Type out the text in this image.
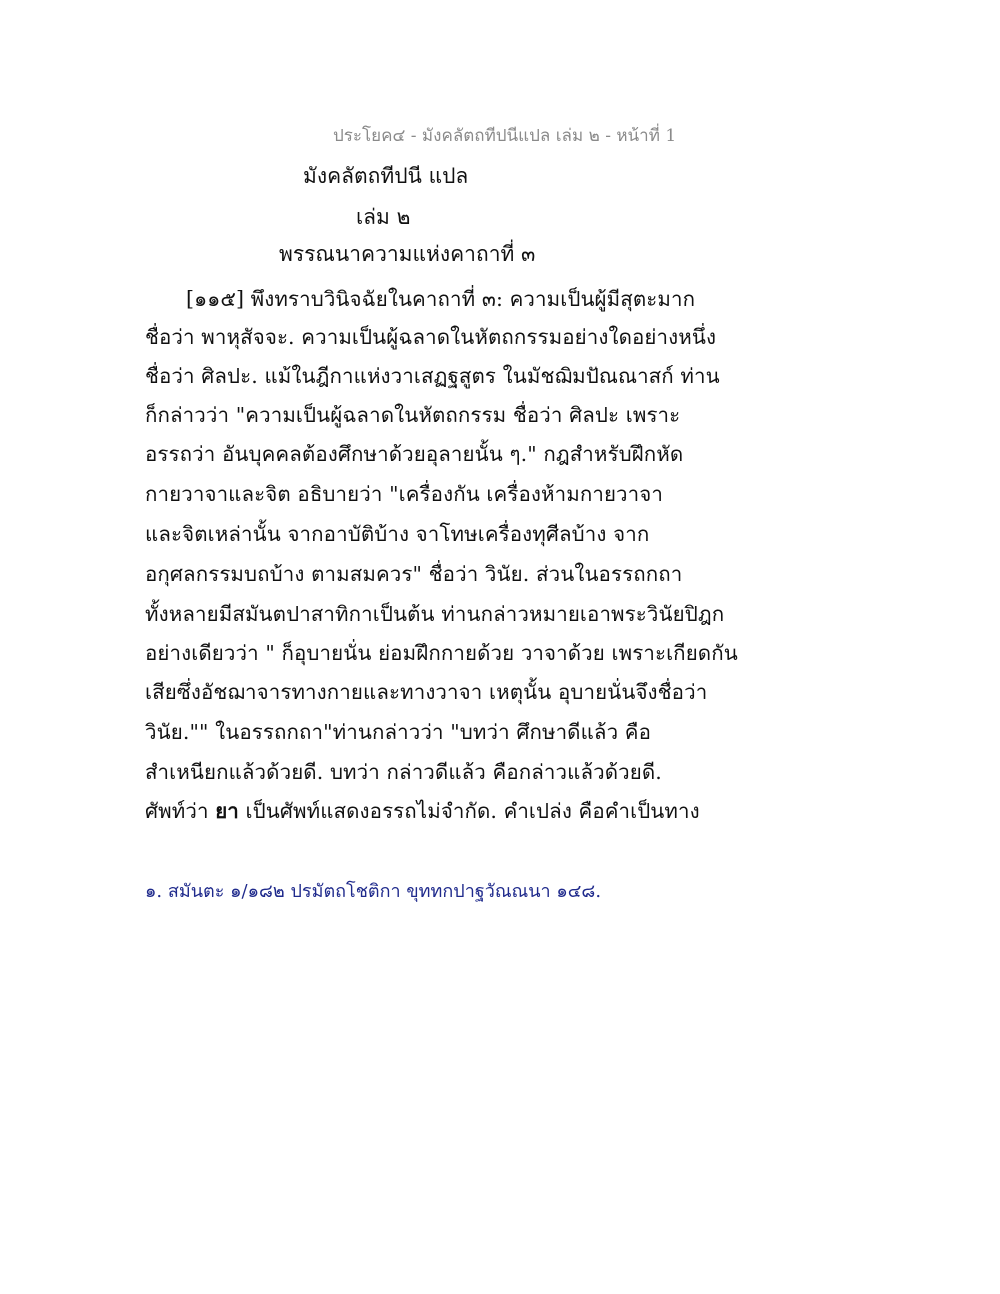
ประโยค๔ - มังคลัตถทีปนีแปล เล่ม ๒ - หน้าที่ 1
มังคลัตถทีปนี แปล
เล่ม ๒
พรรณนาความแห่งคาถาที่ ๓
[๑๑๕] พึงทราบวินิจฉัยในคาถาที่ ๓: ความเป็นผู้มีสุตะมาก
ชื่อว่า พาหุสัจจะ. ความเป็นผู้ฉลาดในหัตถกรรมอย่างใดอย่างหนึ่ง
ชื่อว่า ศิลปะ. แม้ในฎีกาแห่งวาเสฏฐสูตร ในมัชฌิมปัณณาสก์ ท่าน
ก็กล่าวว่า "ความเป็นผู้ฉลาดในหัตถกรรม ชื่อว่า ศิลปะ เพราะ
อรรถว่า อันบุคคลต้องศึกษาด้วยอุลายนั้น ๆ." กฎสำหรับฝึกหัด
กายวาจาและจิต อธิบายว่า "เครื่องกัน เครื่องห้ามกายวาจา
และจิตเหล่านั้น จากอาบัติบ้าง จาโทษเครื่องทุศีลบ้าง จาก
อกุศลกรรมบถบ้าง ตามสมควร" ชื่อว่า วินัย. ส่วนในอรรถกถา
ทั้งหลายมีสมันตปาสาทิกาเป็นต้น ท่านกล่าวหมายเอาพระวินัยปิฎก
อย่างเดียวว่า " ก็อุบายนั่น ย่อมฝึกกายด้วย วาจาด้วย เพราะเกียดกัน
เสียซึ่งอัชฌาจารทางกายและทางวาจา เหตุนั้น อุบายนั่นจึงชื่อว่า
วินัย."" ในอรรถกถา"ท่านกล่าวว่า "บทว่า ศึกษาดีแล้ว คือ
สำเหนียกแล้วด้วยดี. บทว่า กล่าวดีแล้ว คือกล่าวแล้วด้วยดี.
ศัพท์ว่า ยา เป็นศัพท์แสดงอรรถไม่จำกัด. คำเปล่ง คือคำเป็นทาง
๑. สมันตะ ๑/๑๘๒ ปรมัตถโชติกา ขุททกปาฐวัณณนา ๑๔๘.
